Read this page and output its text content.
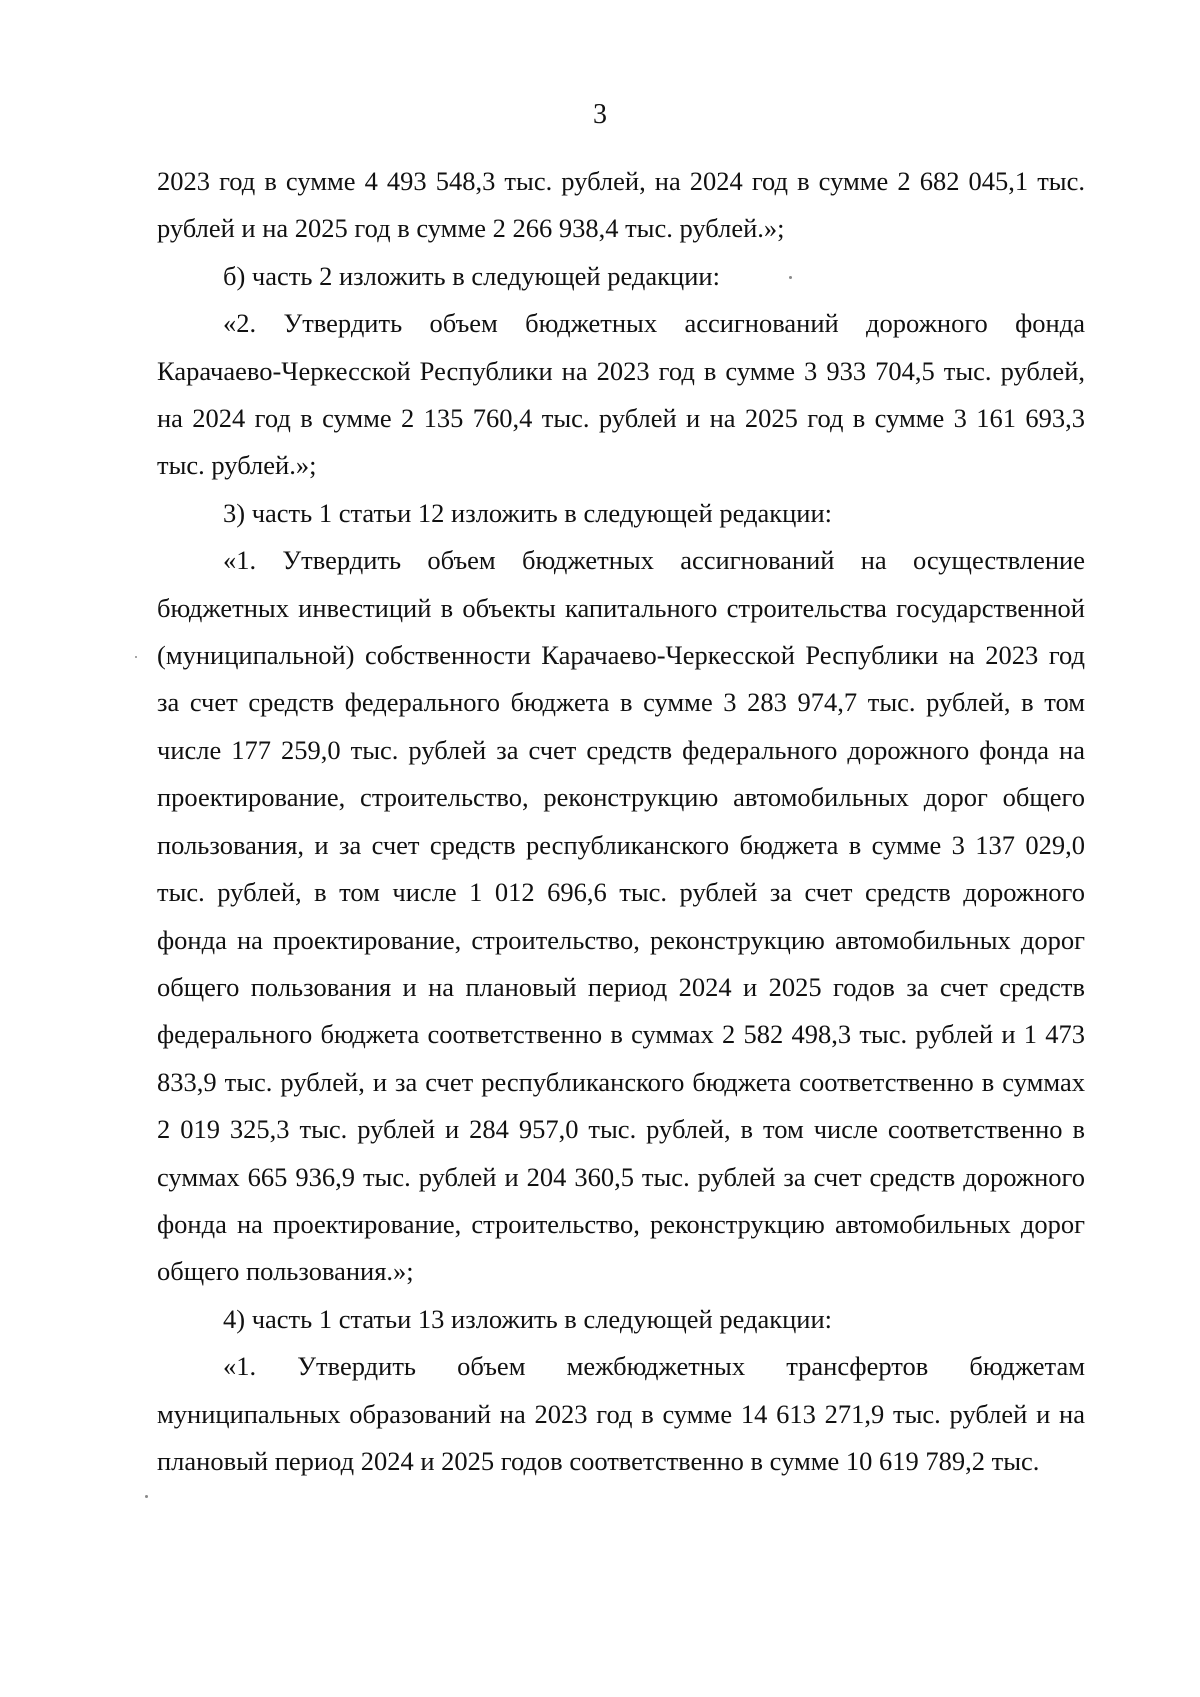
3

2023 год в сумме 4 493 548,3 тыс. рублей, на 2024 год в сумме 2 682 045,1 тыс. рублей и на 2025 год в сумме 2 266 938,4 тыс. рублей.»;

б) часть 2 изложить в следующей редакции:

«2. Утвердить объем бюджетных ассигнований дорожного фонда Карачаево-Черкесской Республики на 2023 год в сумме 3 933 704,5 тыс. рублей, на 2024 год в сумме 2 135 760,4 тыс. рублей и на 2025 год в сумме 3 161 693,3 тыс. рублей.»;

3) часть 1 статьи 12 изложить в следующей редакции:

«1. Утвердить объем бюджетных ассигнований на осуществление бюджетных инвестиций в объекты капитального строительства государственной (муниципальной) собственности Карачаево-Черкесской Республики на 2023 год за счет средств федерального бюджета в сумме 3 283 974,7 тыс. рублей, в том числе 177 259,0 тыс. рублей за счет средств федерального дорожного фонда на проектирование, строительство, реконструкцию автомобильных дорог общего пользования, и за счет средств республиканского бюджета в сумме 3 137 029,0 тыс. рублей, в том числе 1 012 696,6 тыс. рублей за счет средств дорожного фонда на проектирование, строительство, реконструкцию автомобильных дорог общего пользования и на плановый период 2024 и 2025 годов за счет средств федерального бюджета соответственно в суммах 2 582 498,3 тыс. рублей и 1 473 833,9 тыс. рублей, и за счет республиканского бюджета соответственно в суммах 2 019 325,3 тыс. рублей и 284 957,0 тыс. рублей, в том числе соответственно в суммах 665 936,9 тыс. рублей и 204 360,5 тыс. рублей за счет средств дорожного фонда на проектирование, строительство, реконструкцию автомобильных дорог общего пользования.»;

4) часть 1 статьи 13 изложить в следующей редакции:

«1. Утвердить объем межбюджетных трансфертов бюджетам муниципальных образований на 2023 год в сумме 14 613 271,9 тыс. рублей и на плановый период 2024 и 2025 годов соответственно в сумме 10 619 789,2 тыс.
